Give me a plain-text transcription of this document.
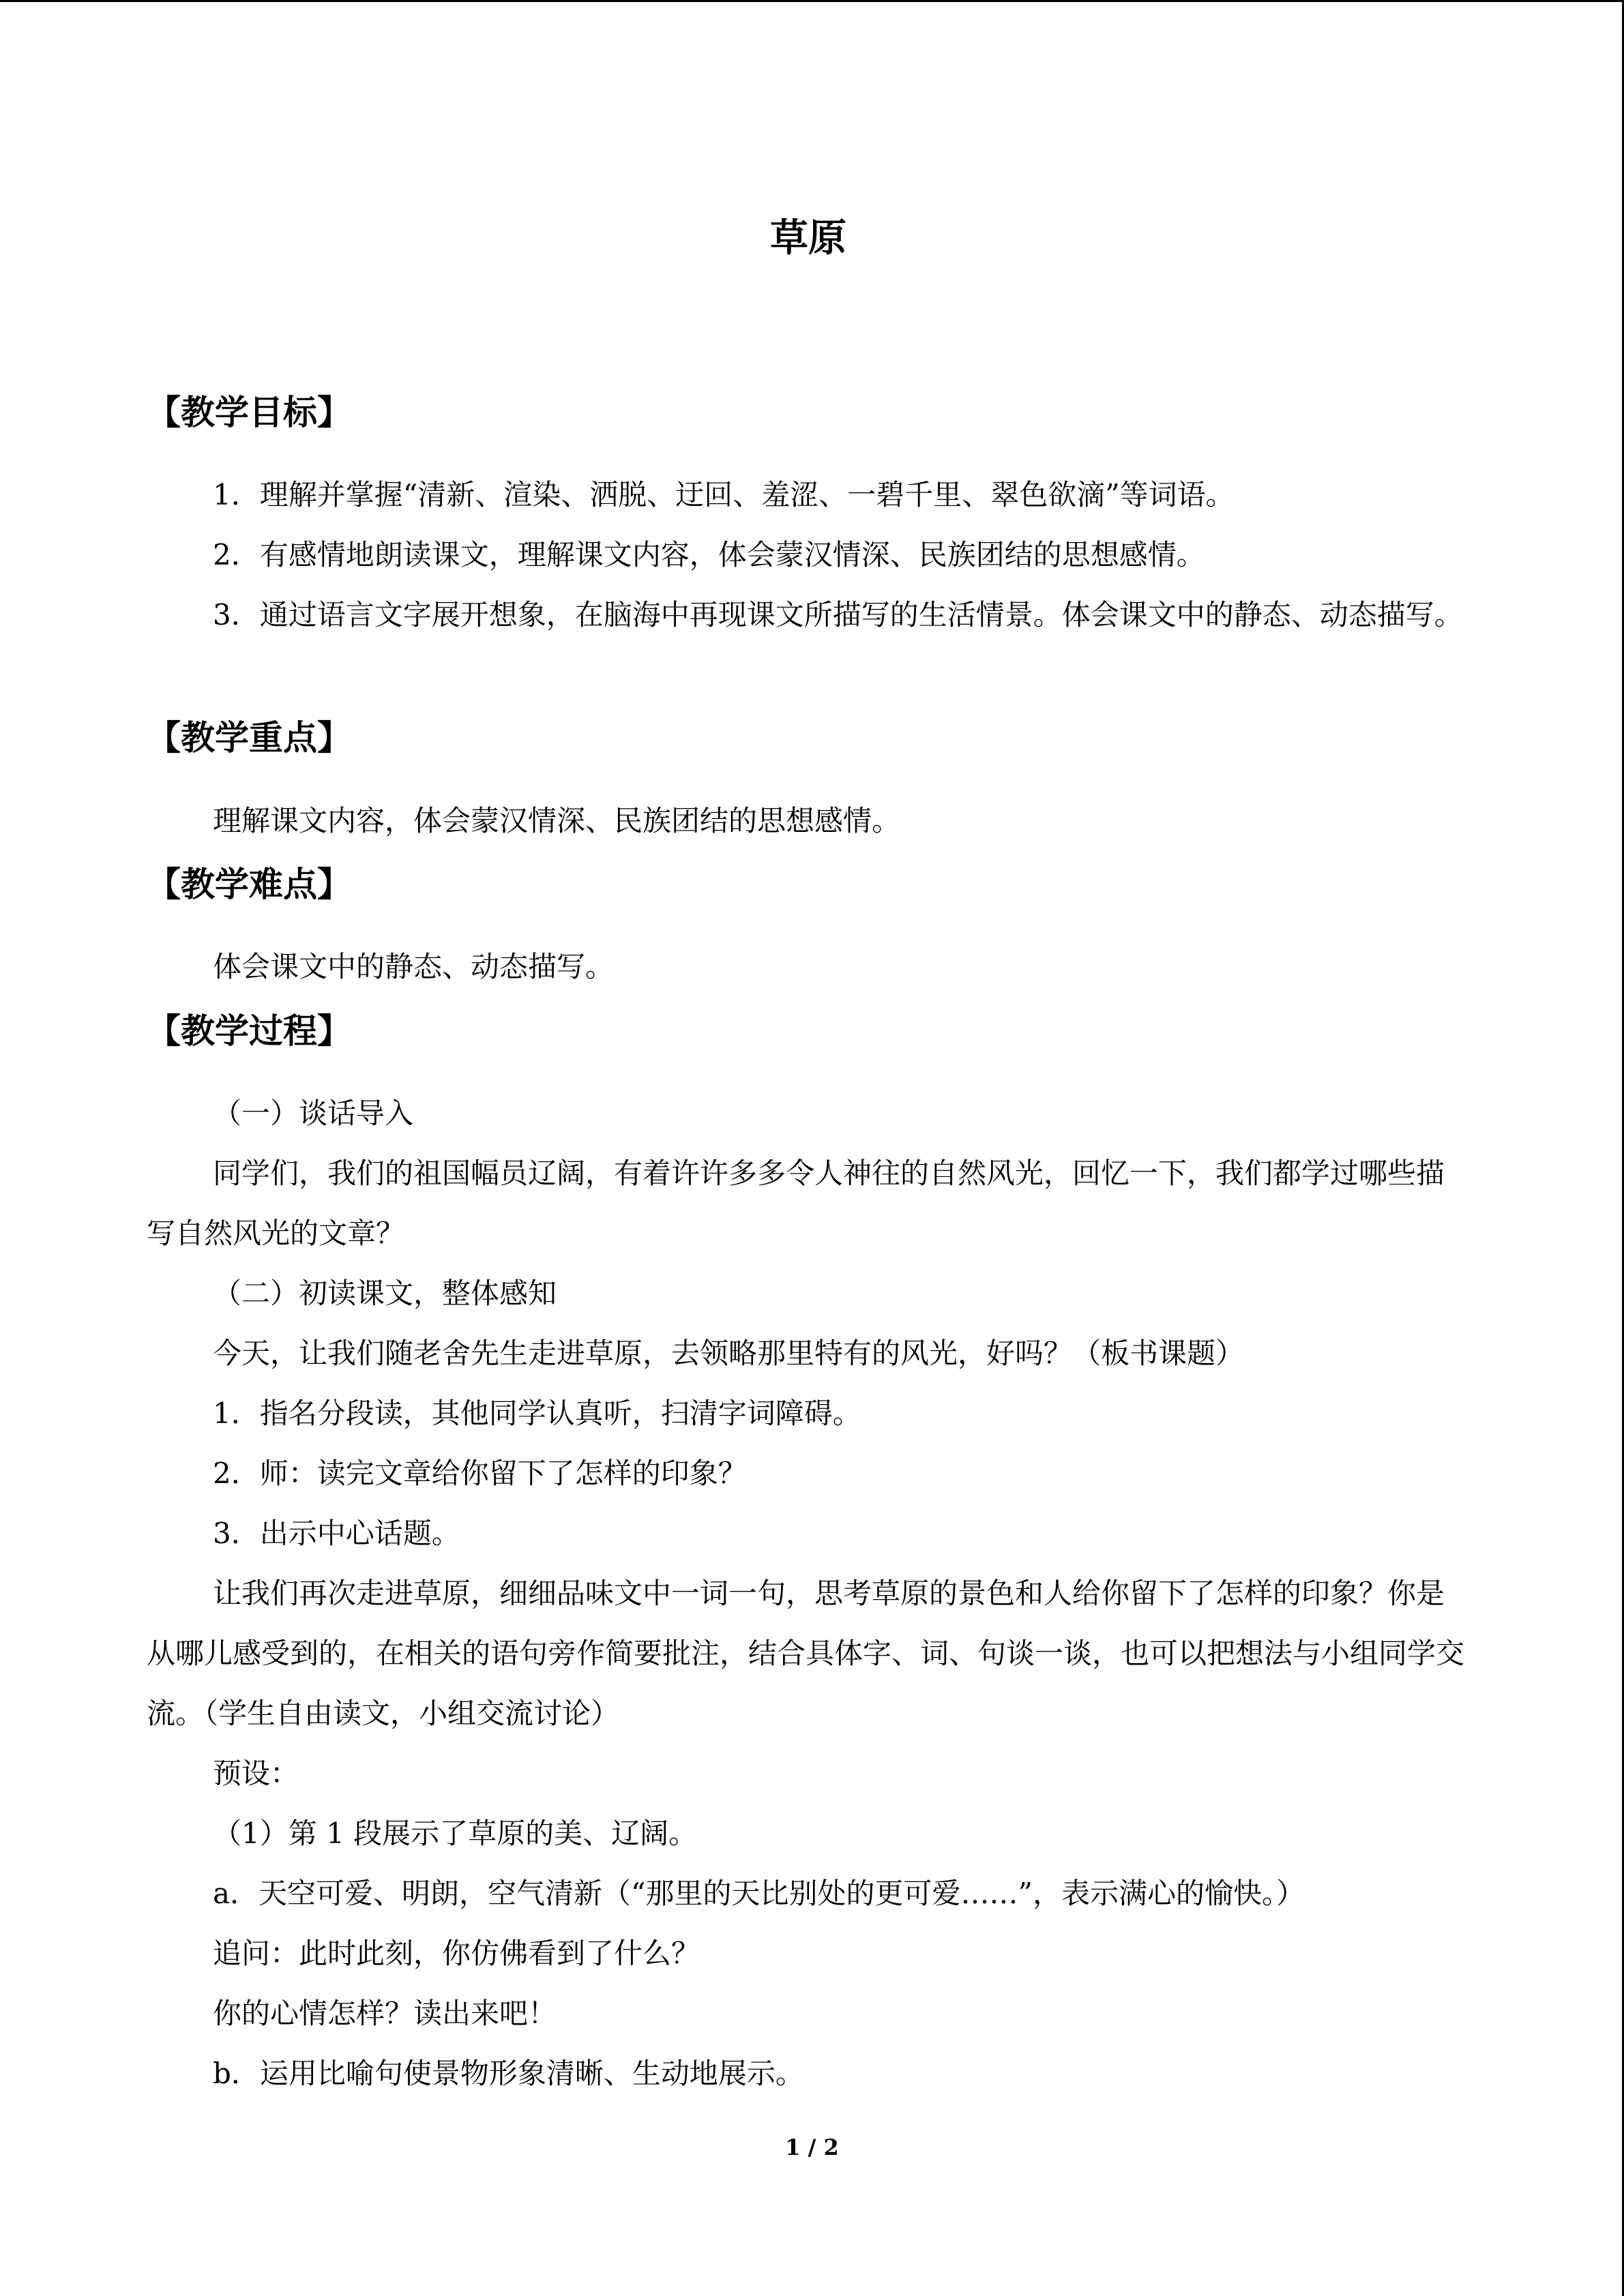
草原
【教学目标】
1．理解并掌握“清新、渲染、洒脱、迂回、羞涩、一碧千里、翠色欲滴”等词语。
2．有感情地朗读课文，理解课文内容，体会蒙汉情深、民族团结的思想感情。
3．通过语言文字展开想象，在脑海中再现课文所描写的生活情景。体会课文中的静态、动态描写。
【教学重点】
理解课文内容，体会蒙汉情深、民族团结的思想感情。
【教学难点】
体会课文中的静态、动态描写。
【教学过程】
（一）谈话导入
同学们，我们的祖国幅员辽阔，有着许许多多令人神往的自然风光，回忆一下，我们都学过哪些描写自然风光的文章？
（二）初读课文，整体感知
今天，让我们随老舍先生走进草原，去领略那里特有的风光，好吗？（板书课题）
1．指名分段读，其他同学认真听，扫清字词障碍。
2．师：读完文章给你留下了怎样的印象？
3．出示中心话题。
让我们再次走进草原，细细品味文中一词一句，思考草原的景色和人给你留下了怎样的印象？你是从哪儿感受到的，在相关的语句旁作简要批注，结合具体字、词、句谈一谈，也可以把想法与小组同学交流。（学生自由读文，小组交流讨论）
预设：
（1）第 1 段展示了草原的美、辽阔。
a．天空可爱、明朗，空气清新（“那里的天比别处的更可爱……”，表示满心的愉快。）
追问：此时此刻，你仿佛看到了什么？
你的心情怎样？读出来吧！
b．运用比喻句使景物形象清晰、生动地展示。
1 / 2
